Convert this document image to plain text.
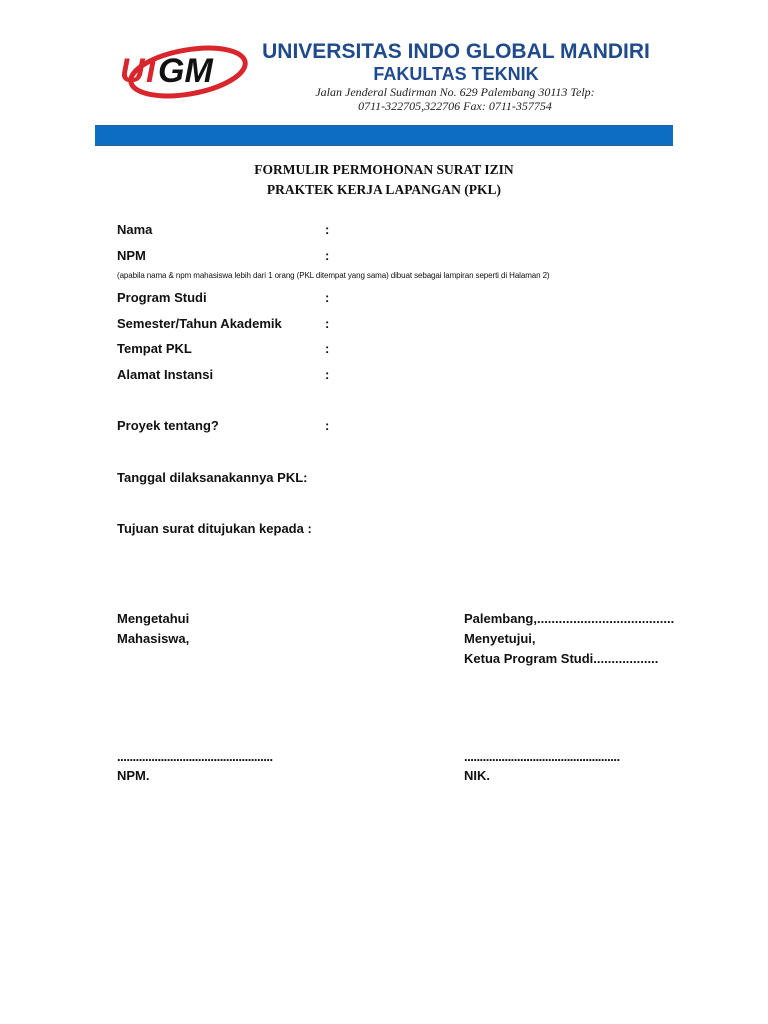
U I GM
UNIVERSITAS INDO GLOBAL MANDIRI
FAKULTAS TEKNIK
Jalan Jenderal Sudirman No. 629 Palembang 30113 Telp:
0711-322705,322706 Fax: 0711-357754
FORMULIR PERMOHONAN SURAT IZIN
PRAKTEK KERJA LAPANGAN (PKL)
Nama	:
NPM	:
(apabila nama & npm mahasiswa lebih dari 1 orang (PKL ditempat yang sama) dibuat sebagai lampiran seperti di Halaman 2)
Program Studi	:
Semester/Tahun Akademik	:
Tempat PKL	:
Alamat Instansi	:
Proyek tentang?	:
Tanggal dilaksanakannya PKL:
Tujuan surat ditujukan kepada :
Mengetahui
Mahasiswa,
Palembang,......................................
Menyetujui,
Ketua Program Studi..................
..................................................
NPM.
..................................................
NIK.
